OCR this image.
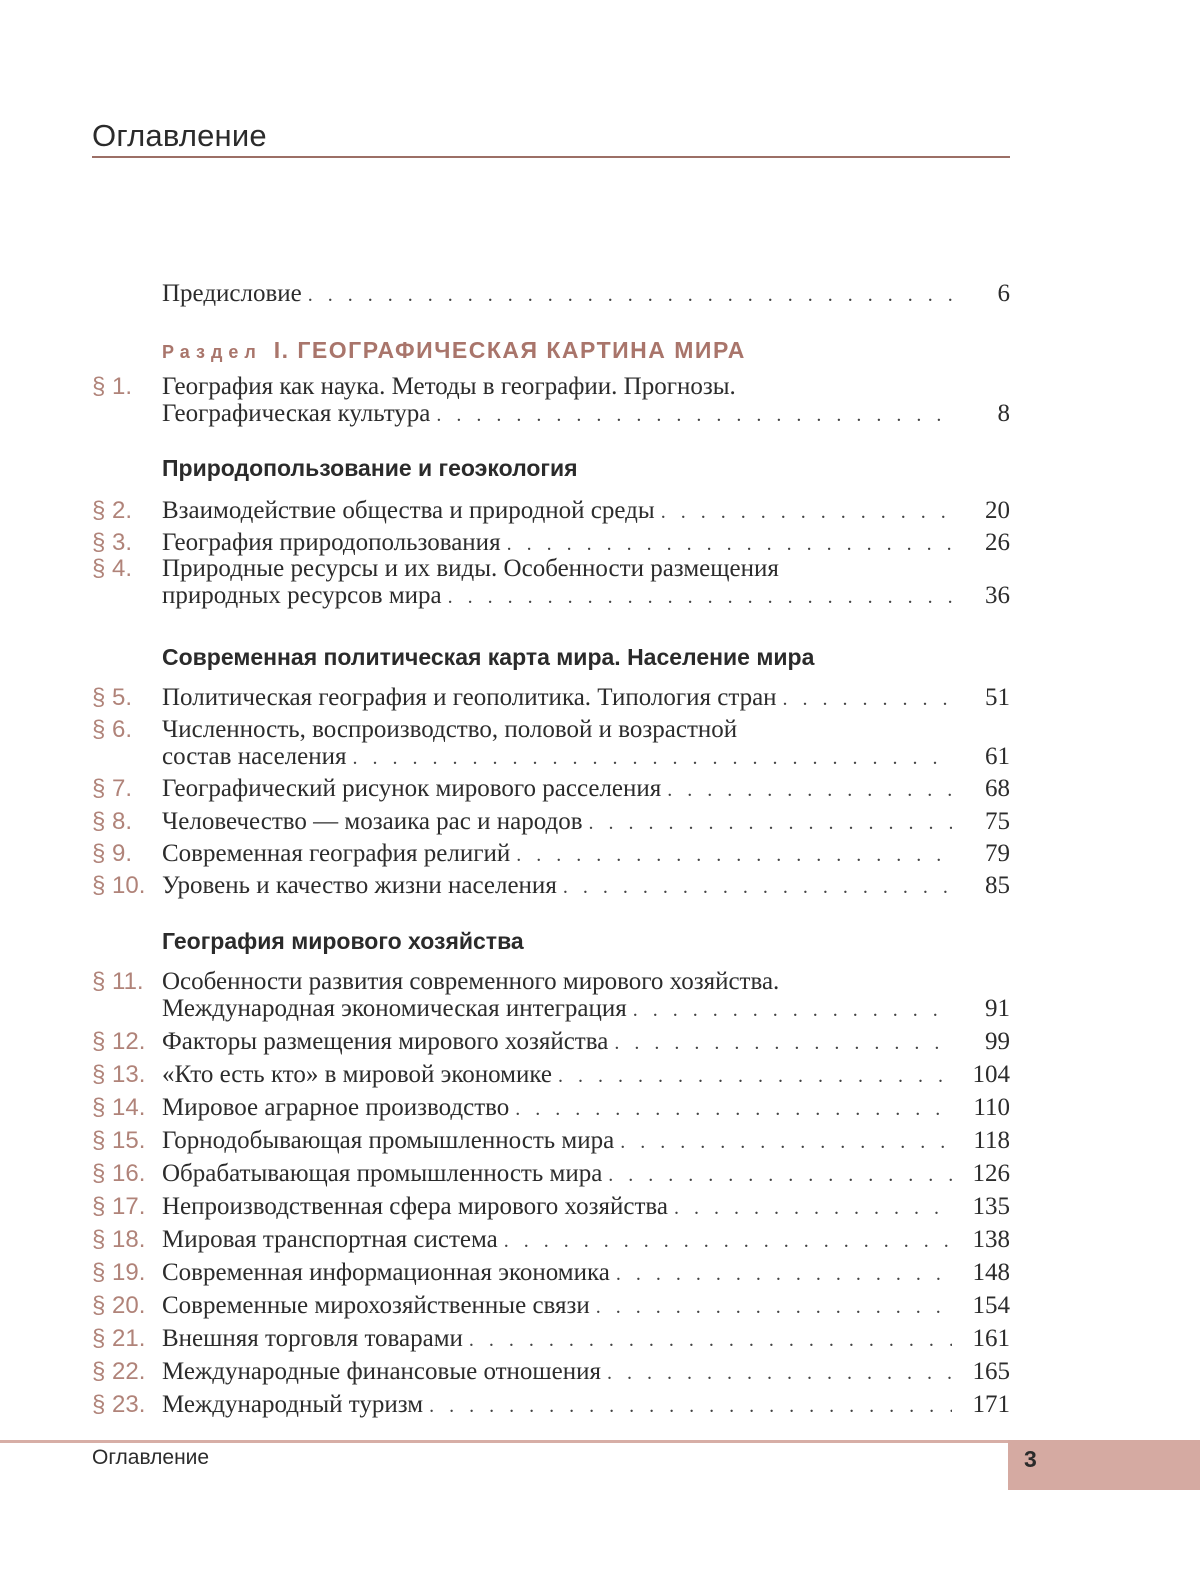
Оглавление
Предисловие . . .	6
Раздел I. ГЕОГРАФИЧЕСКАЯ КАРТИНА МИРА
§ 1. География как наука. Методы в географии. Прогнозы.
Географическая культура . . .	8
Природопользование и геоэкология
§ 2. Взаимодействие общества и природной среды . . .	20
§ 3. География природопользования . . .	26
§ 4. Природные ресурсы и их виды. Особенности размещения
природных ресурсов мира . . .	36
Современная политическая карта мира. Население мира
§ 5. Политическая география и геополитика. Типология стран . . .	51
§ 6. Численность, воспроизводство, половой и возрастной
состав населения . . .	61
§ 7. Географический рисунок мирового расселения . . .	68
§ 8. Человечество — мозаика рас и народов . . .	75
§ 9. Современная география религий . . .	79
§ 10. Уровень и качество жизни населения . . .	85
География мирового хозяйства
§ 11. Особенности развития современного мирового хозяйства.
Международная экономическая интеграция . . .	91
§ 12. Факторы размещения мирового хозяйства . . .	99
§ 13. «Кто есть кто» в мировой экономике . . .	104
§ 14. Мировое аграрное производство . . .	110
§ 15. Горнодобывающая промышленность мира . . .	118
§ 16. Обрабатывающая промышленность мира . . .	126
§ 17. Непроизводственная сфера мирового хозяйства . . .	135
§ 18. Мировая транспортная система . . .	138
§ 19. Современная информационная экономика . . .	148
§ 20. Современные мирохозяйственные связи . . .	154
§ 21. Внешняя торговля товарами . . .	161
§ 22. Международные финансовые отношения . . .	165
§ 23. Международный туризм . . .	171
Оглавление	3
